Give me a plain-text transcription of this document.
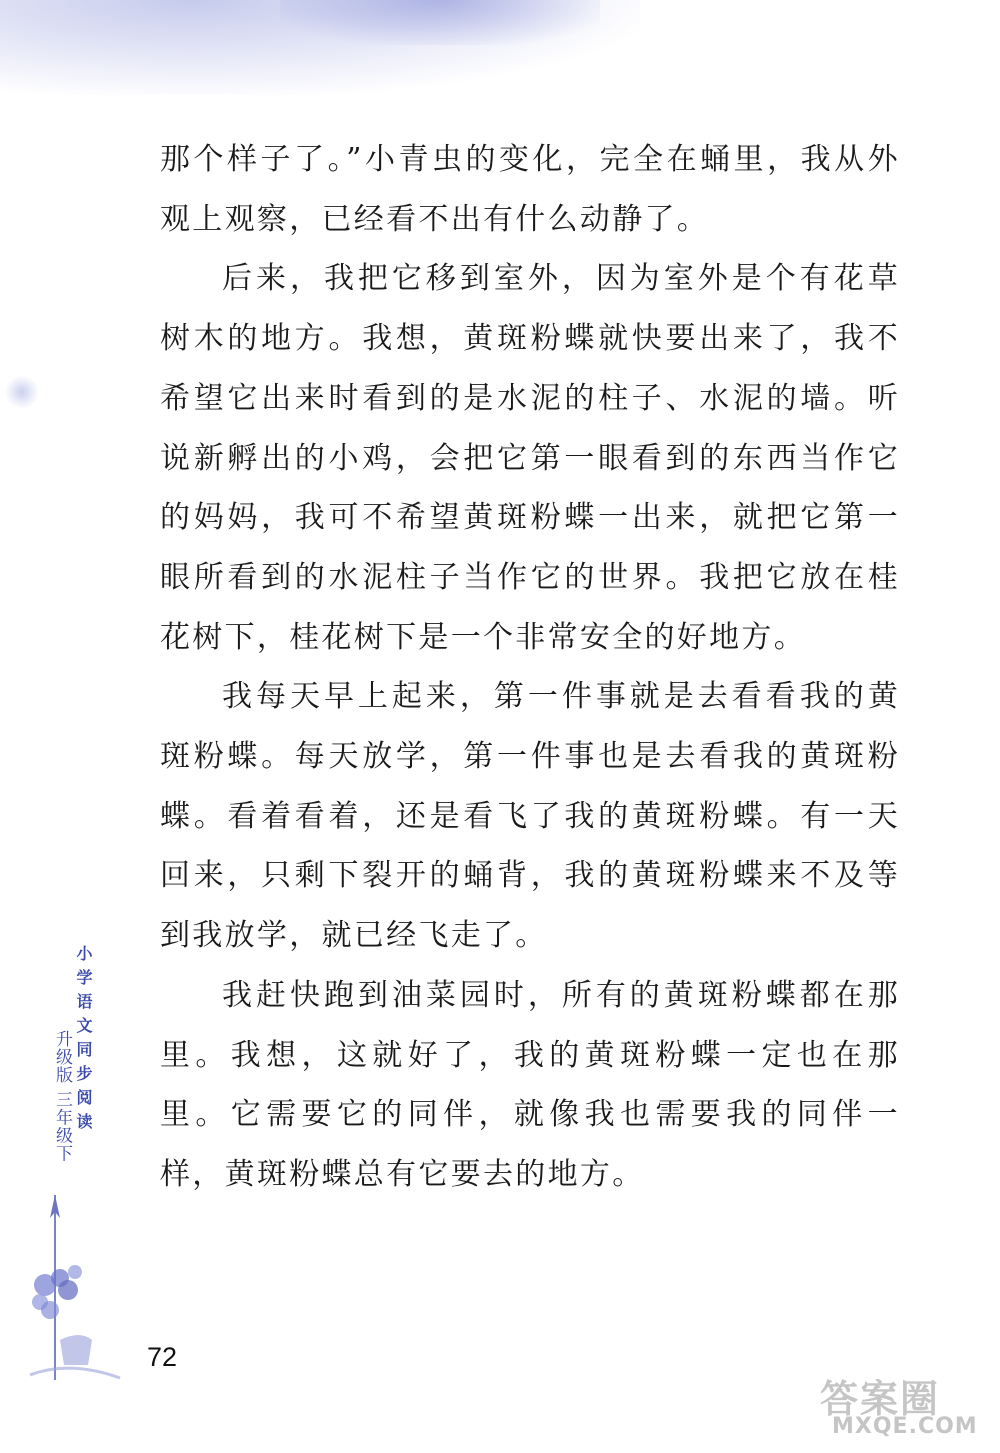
那个样子了。”小青虫的变化，完全在蛹里，我从外观上观察，已经看不出有什么动静了。

后来，我把它移到室外，因为室外是个有花草树木的地方。我想，黄斑粉蝶就快要出来了，我不希望它出来时看到的是水泥的柱子、水泥的墙。听说新孵出的小鸡，会把它第一眼看到的东西当作它的妈妈，我可不希望黄斑粉蝶一出来，就把它第一眼所看到的水泥柱子当作它的世界。我把它放在桂花树下，桂花树下是一个非常安全的好地方。

我每天早上起来，第一件事就是去看看我的黄斑粉蝶。每天放学，第一件事也是去看我的黄斑粉蝶。看着看着，还是看飞了我的黄斑粉蝶。有一天回来，只剩下裂开的蛹背，我的黄斑粉蝶来不及等到我放学，就已经飞走了。

我赶快跑到油菜园时，所有的黄斑粉蝶都在那里。我想，这就好了，我的黄斑粉蝶一定也在那里。它需要它的同伴，就像我也需要我的同伴一样，黄斑粉蝶总有它要去的地方。

小学语文同步阅读
升级版 三年级下
72
答案圈
MXQE.COM
